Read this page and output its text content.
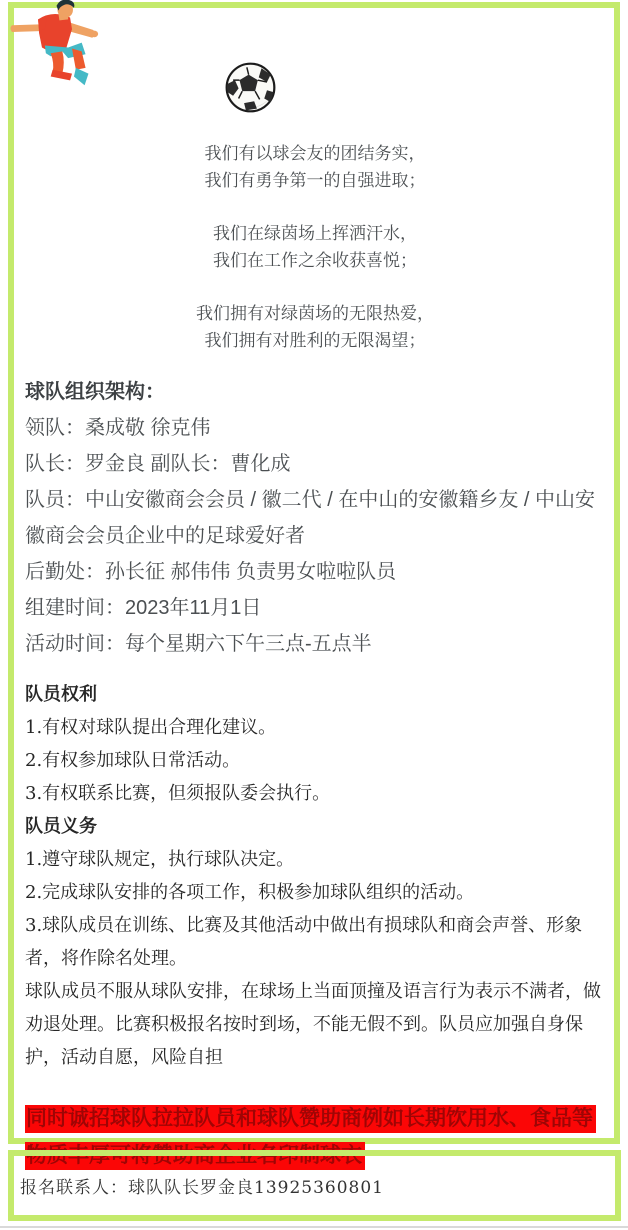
我们有以球会友的团结务实，
我们有勇争第一的自强进取；
我们在绿茵场上挥洒汗水，
我们在工作之余收获喜悦；
我们拥有对绿茵场的无限热爱，
我们拥有对胜利的无限渴望；
球队组织架构：
领队：桑成敬 徐克伟
队长：罗金良 副队长：曹化成
队员：中山安徽商会会员 / 徽二代 / 在中山的安徽籍乡友 / 中山安徽商会会员企业中的足球爱好者
后勤处：孙长征 郝伟伟 负责男女啦啦队员
组建时间：2023年11月1日
活动时间：每个星期六下午三点-五点半
队员权利
1.有权对球队提出合理化建议。
2.有权参加球队日常活动。
3.有权联系比赛，但须报队委会执行。
队员义务
1.遵守球队规定，执行球队决定。
2.完成球队安排的各项工作，积极参加球队组织的活动。
3.球队成员在训练、比赛及其他活动中做出有损球队和商会声誉、形象者，将作除名处理。
球队成员不服从球队安排，在球场上当面顶撞及语言行为表示不满者，做劝退处理。比赛积极报名按时到场，不能无假不到。队员应加强自身保护，活动自愿，风险自担
同时诚招球队拉拉队员和球队赞助商例如长期饮用水、食品等
物质丰厚可将赞助商企业名印制球衣
报名联系人：球队队长罗金良13925360801
